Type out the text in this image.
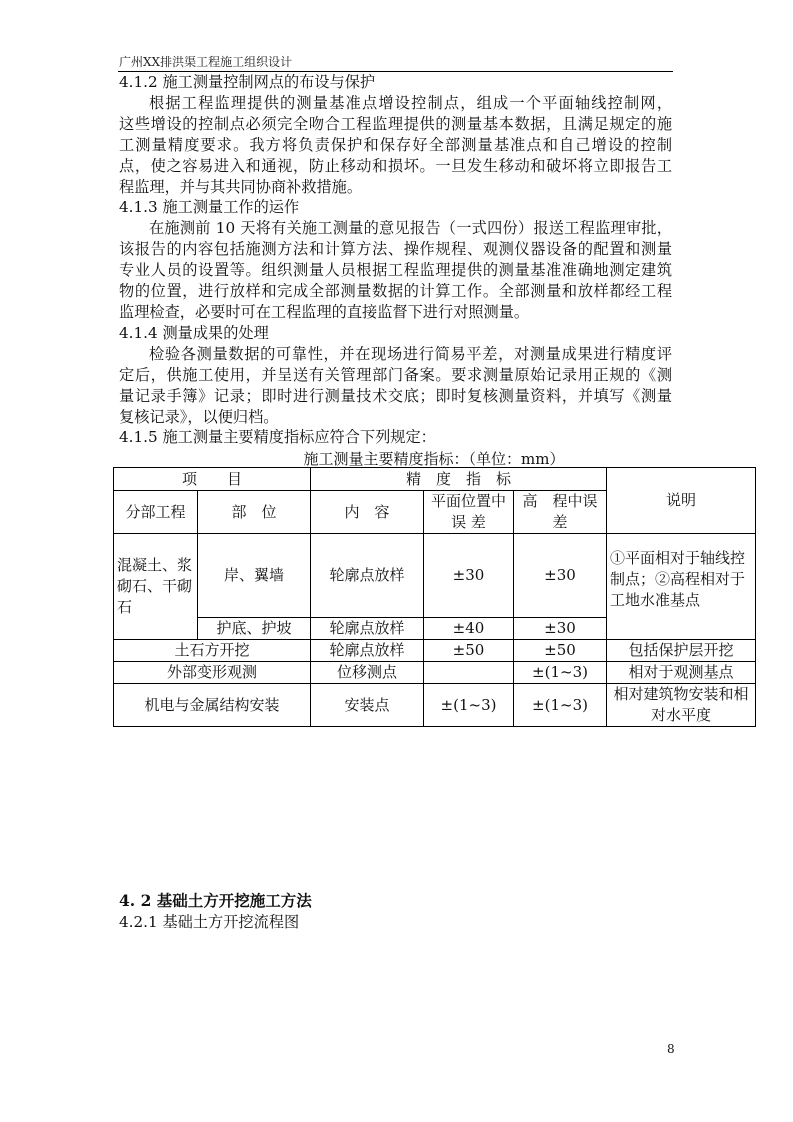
广州XX排洪渠工程施工组织设计
4.1.2 施工测量控制网点的布设与保护
根据工程监理提供的测量基准点增设控制点，组成一个平面轴线控制网，
这些增设的控制点必须完全吻合工程监理提供的测量基本数据，且满足规定的施
工测量精度要求。我方将负责保护和保存好全部测量基准点和自己增设的控制
点，使之容易进入和通视，防止移动和损坏。一旦发生移动和破坏将立即报告工
程监理，并与其共同协商补救措施。
4.1.3 施工测量工作的运作
在施测前 10 天将有关施工测量的意见报告（一式四份）报送工程监理审批，
该报告的内容包括施测方法和计算方法、操作规程、观测仪器设备的配置和测量
专业人员的设置等。组织测量人员根据工程监理提供的测量基准准确地测定建筑
物的位置，进行放样和完成全部测量数据的计算工作。全部测量和放样都经工程
监理检查，必要时可在工程监理的直接监督下进行对照测量。
4.1.4 测量成果的处理
检验各测量数据的可靠性，并在现场进行简易平差，对测量成果进行精度评
定后，供施工使用，并呈送有关管理部门备案。要求测量原始记录用正规的《测
量记录手簿》记录；即时进行测量技术交底；即时复核测量资料，并填写《测量
复核记录》，以便归档。
4.1.5 施工测量主要精度指标应符合下列规定：
施工测量主要精度指标：（单位：mm）
项　　目		精　度　指　标			说明
分部工程	部　位	内　容	平面位置中 误 差	高　程中误差	
混凝土、浆砌石、干砌石	岸、翼墙	轮廓点放样	±30	±30	①平面相对于轴线控制点；②高程相对于工地水准基点
	护底、护坡	轮廓点放样	±40	±30	
土石方开挖		轮廓点放样	±50	±50	包括保护层开挖
外部变形观测		位移测点		±(1~3)	相对于观测基点
机电与金属结构安装		安装点	±(1~3)	±(1~3)	相对建筑物安装和相对水平度
4. 2 基础土方开挖施工方法
4.2.1 基础土方开挖流程图
8
